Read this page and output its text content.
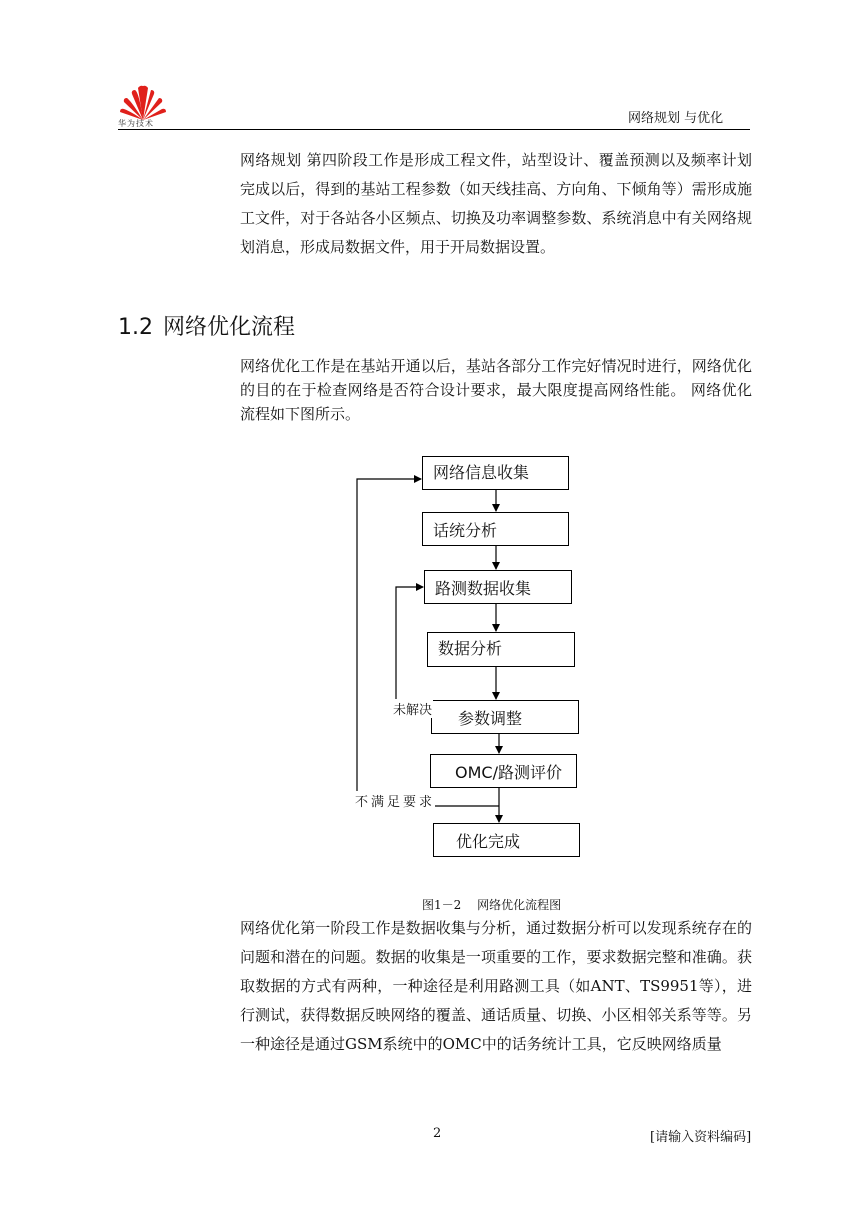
华为技术	网络规划 与优化

网络规划 第四阶段工作是形成工程文件，站型设计、覆盖预测以及频率计划完成以后，得到的基站工程参数（如天线挂高、方向角、下倾角等）需形成施工文件，对于各站各小区频点、切换及功率调整参数、系统消息中有关网络规划消息，形成局数据文件，用于开局数据设置。

1.2 网络优化流程

网络优化工作是在基站开通以后，基站各部分工作完好情况时进行，网络优化的目的在于检查网络是否符合设计要求，最大限度提高网络性能。 网络优化流程如下图所示。

网络信息收集
话统分析
路测数据收集
数据分析
参数调整
OMC/路测评价
优化完成
未解决
不满足要求
图1－2　 网络优化流程图

网络优化第一阶段工作是数据收集与分析，通过数据分析可以发现系统存在的问题和潜在的问题。数据的收集是一项重要的工作，要求数据完整和准确。获取数据的方式有两种，一种途径是利用路测工具（如ANT、TS9951等），进行测试，获得数据反映网络的覆盖、通话质量、切换、小区相邻关系等等。另一种途径是通过GSM系统中的OMC中的话务统计工具，它反映网络质量

2	[请输入资料编码]
